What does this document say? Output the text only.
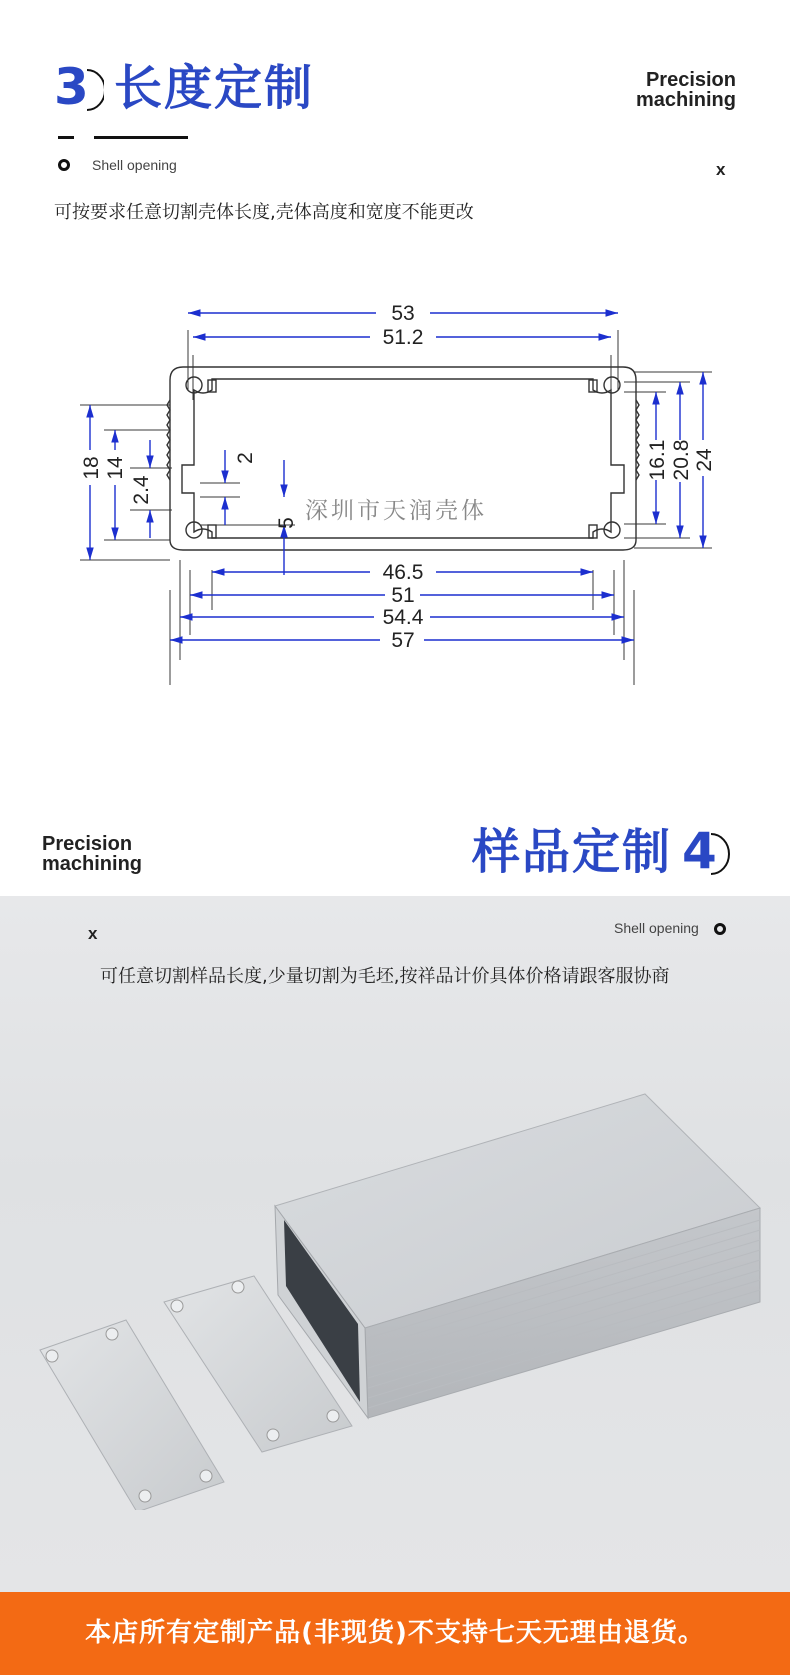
3 长度定制	Precision
machining
Shell opening	x
可按要求任意切割壳体长度,壳体高度和宽度不能更改
53
51.2
46.5
51
54.4
57
18 14
2.4
2
5
16.1 20.8 24
深圳市天润壳体
Precision
machining	样品定制 4
x	Shell opening
可任意切割样品长度,少量切割为毛坯,按祥品计价具体价格请跟客服协商
本店所有定制产品(非现货)不支持七天无理由退货。
